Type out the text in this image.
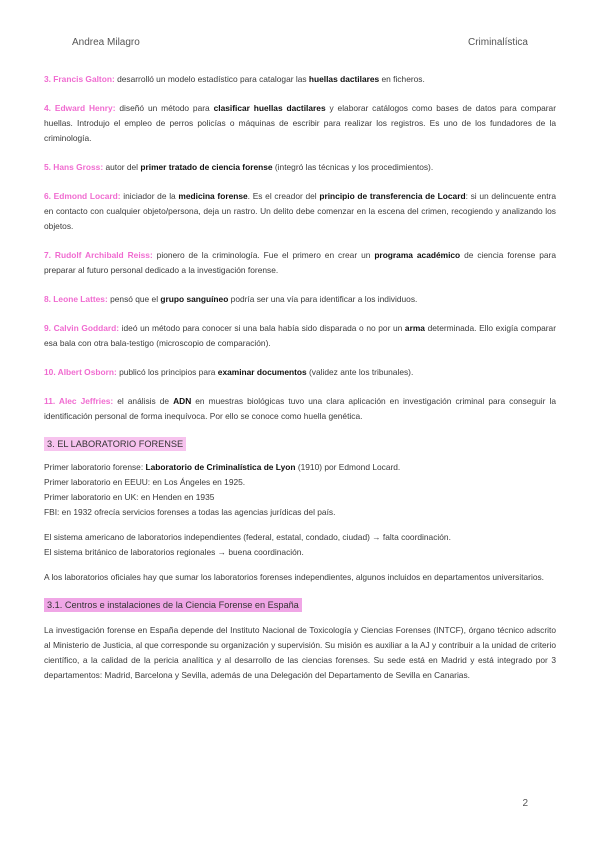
Andrea Milagro	Criminalística

3. Francis Galton: desarrolló un modelo estadístico para catalogar las huellas dactilares en ficheros.

4. Edward Henry: diseñó un método para clasificar huellas dactilares y elaborar catálogos como bases de datos para comparar huellas. Introdujo el empleo de perros policías o máquinas de escribir para realizar los registros. Es uno de los fundadores de la criminología.

5. Hans Gross: autor del primer tratado de ciencia forense (integró las técnicas y los procedimientos).

6. Edmond Locard: iniciador de la medicina forense. Es el creador del principio de transferencia de Locard: si un delincuente entra en contacto con cualquier objeto/persona, deja un rastro. Un delito debe comenzar en la escena del crimen, recogiendo y analizando los objetos.

7. Rudolf Archibald Reiss: pionero de la criminología. Fue el primero en crear un programa académico de ciencia forense para preparar al futuro personal dedicado a la investigación forense.

8. Leone Lattes: pensó que el grupo sanguíneo podría ser una vía para identificar a los individuos.

9. Calvin Goddard: ideó un método para conocer si una bala había sido disparada o no por un arma determinada. Ello exigía comparar esa bala con otra bala-testigo (microscopio de comparación).

10. Albert Osborn: publicó los principios para examinar documentos (validez ante los tribunales).

11. Alec Jeffries: el análisis de ADN en muestras biológicas tuvo una clara aplicación en investigación criminal para conseguir la identificación personal de forma inequívoca. Por ello se conoce como huella genética.

3. EL LABORATORIO FORENSE

Primer laboratorio forense: Laboratorio de Criminalística de Lyon (1910) por Edmond Locard.

Primer laboratorio en EEUU: en Los Ángeles en 1925.

Primer laboratorio en UK: en Henden en 1935

FBI: en 1932 ofrecía servicios forenses a todas las agencias jurídicas del país.

El sistema americano de laboratorios independientes (federal, estatal, condado, ciudad) → falta coordinación.

El sistema británico de laboratorios regionales → buena coordinación.

A los laboratorios oficiales hay que sumar los laboratorios forenses independientes, algunos incluidos en departamentos universitarios.

3.1. Centros e instalaciones de la Ciencia Forense en España

La investigación forense en España depende del Instituto Nacional de Toxicología y Ciencias Forenses (INTCF), órgano técnico adscrito al Ministerio de Justicia, al que corresponde su organización y supervisión. Su misión es auxiliar a la AJ y contribuir a la unidad de criterio científico, a la calidad de la pericia analítica y al desarrollo de las ciencias forenses. Su sede está en Madrid y está integrado por 3 departamentos: Madrid, Barcelona y Sevilla, además de una Delegación del Departamento de Sevilla en Canarias.

2
